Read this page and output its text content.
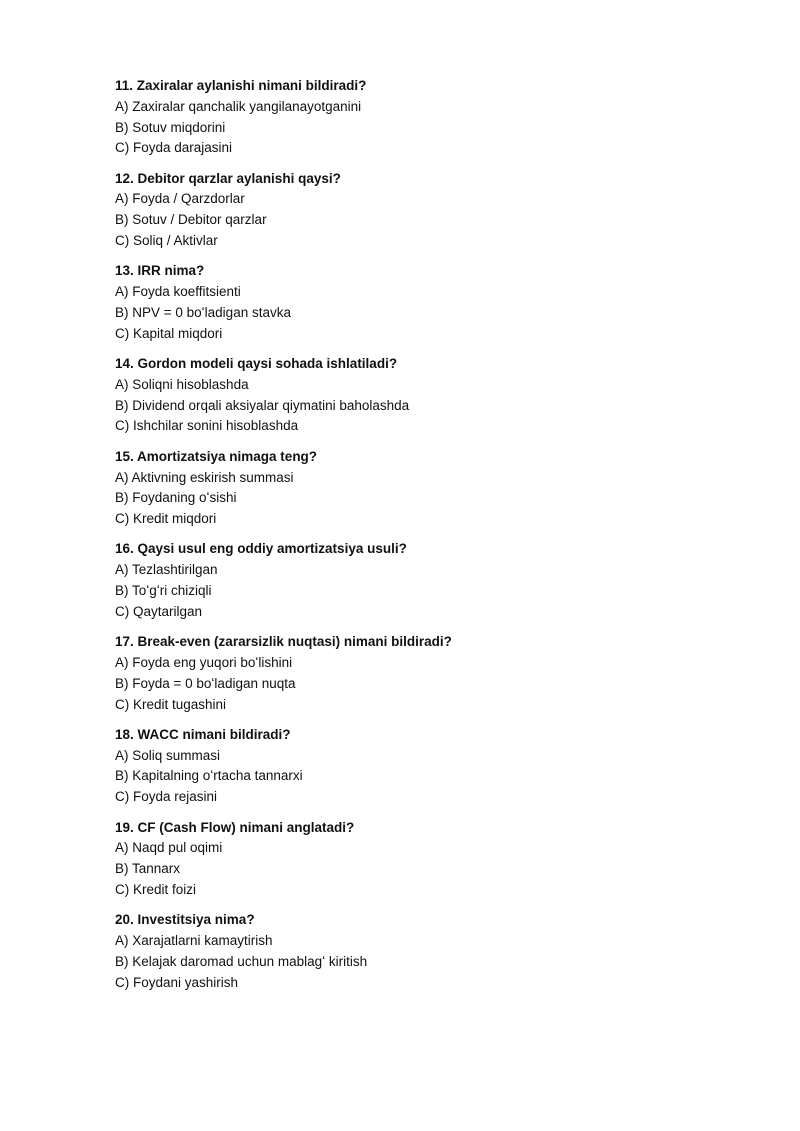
11. Zaxiralar aylanishi nimani bildiradi?
A) Zaxiralar qanchalik yangilanayotganini
B) Sotuv miqdorini
C) Foyda darajasini
12. Debitor qarzlar aylanishi qaysi?
A) Foyda / Qarzdorlar
B) Sotuv / Debitor qarzlar
C) Soliq / Aktivlar
13. IRR nima?
A) Foyda koeffitsienti
B) NPV = 0 boʻladigan stavka
C) Kapital miqdori
14. Gordon modeli qaysi sohada ishlatiladi?
A) Soliqni hisoblashda
B) Dividend orqali aksiyalar qiymatini baholashda
C) Ishchilar sonini hisoblashda
15. Amortizatsiya nimaga teng?
A) Aktivning eskirish summasi
B) Foydaning oʻsishi
C) Kredit miqdori
16. Qaysi usul eng oddiy amortizatsiya usuli?
A) Tezlashtirilgan
B) Toʻgʻri chiziqli
C) Qaytarilgan
17. Break-even (zararsizlik nuqtasi) nimani bildiradi?
A) Foyda eng yuqori boʻlishini
B) Foyda = 0 boʻladigan nuqta
C) Kredit tugashini
18. WACC nimani bildiradi?
A) Soliq summasi
B) Kapitalning oʻrtacha tannarxi
C) Foyda rejasini
19. CF (Cash Flow) nimani anglatadi?
A) Naqd pul oqimi
B) Tannarx
C) Kredit foizi
20. Investitsiya nima?
A) Xarajatlarni kamaytirish
B) Kelajak daromad uchun mablagʻ kiritish
C) Foydani yashirish
